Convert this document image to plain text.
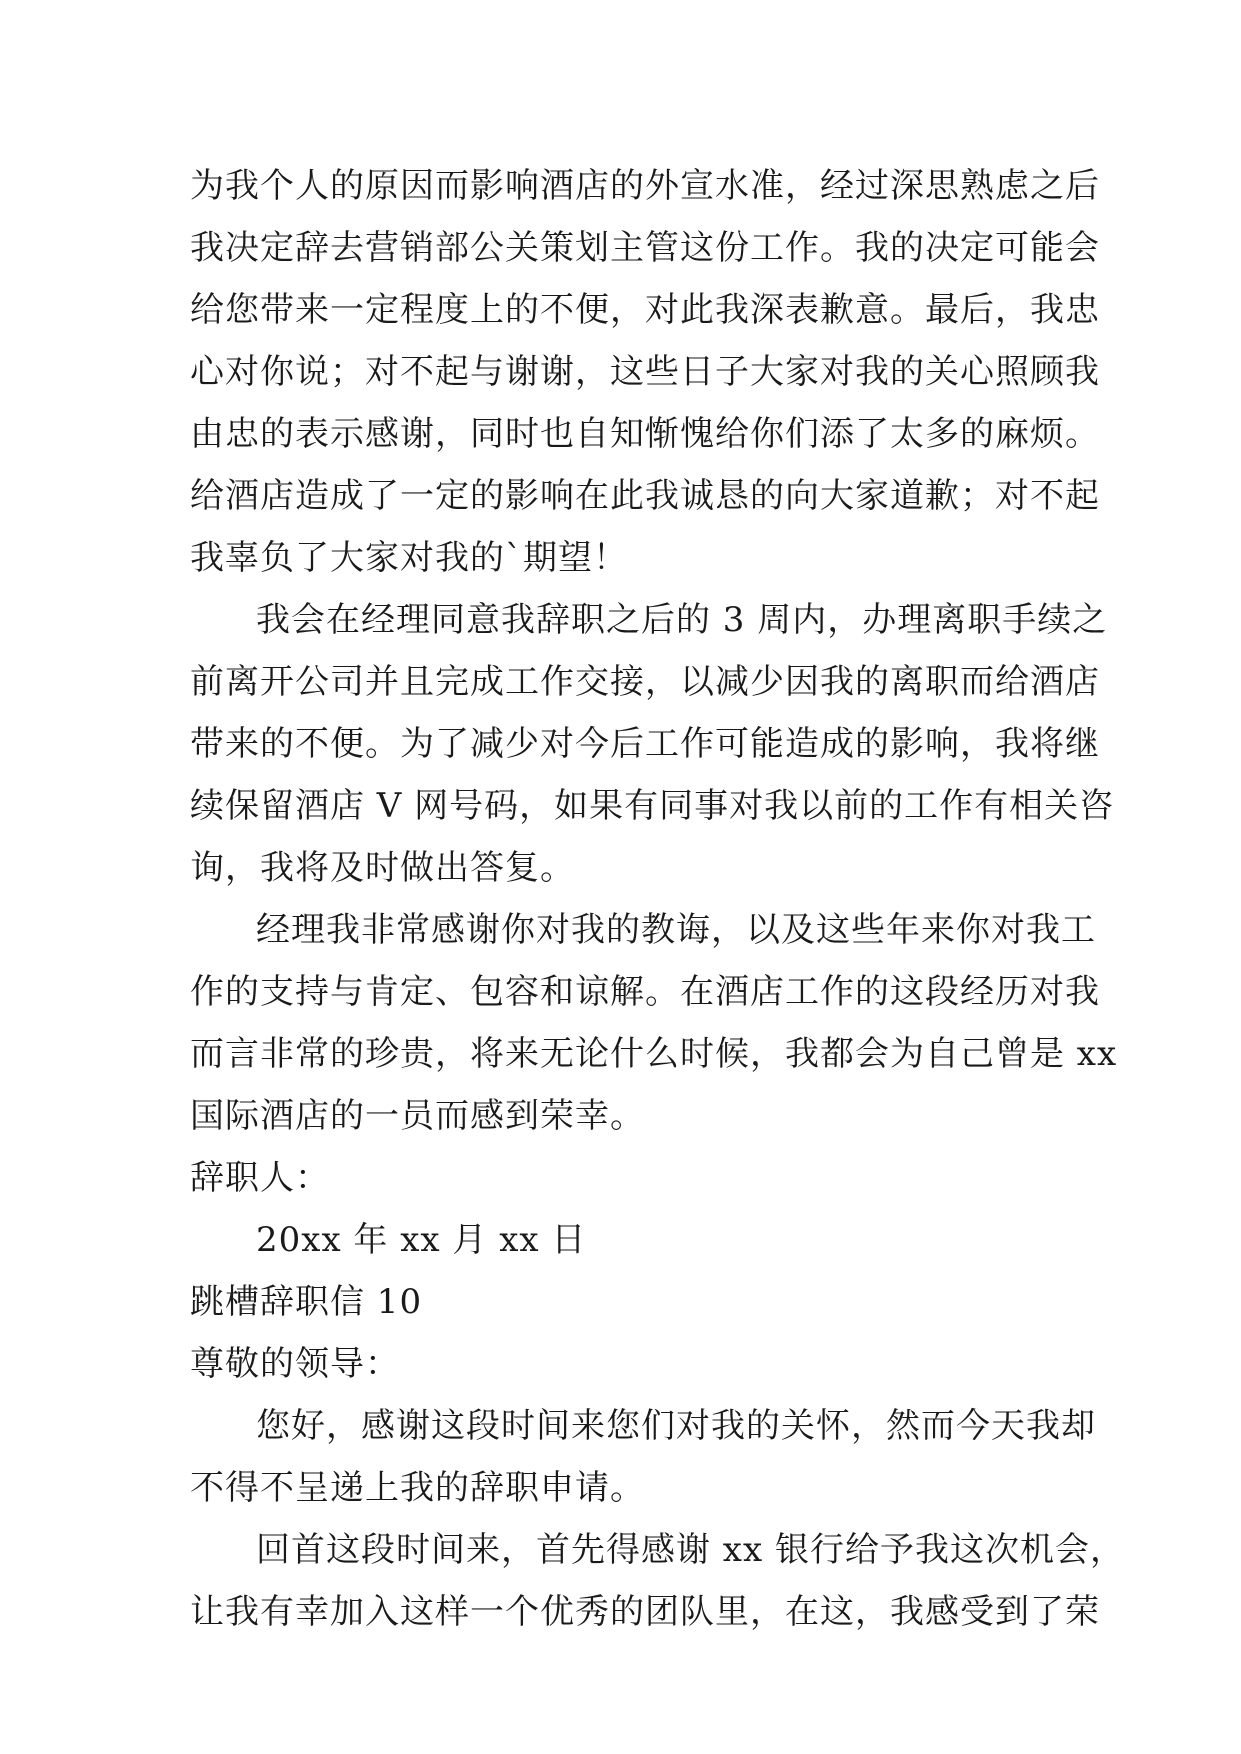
为我个人的原因而影响酒店的外宣水准，经过深思熟虑之后
我决定辞去营销部公关策划主管这份工作。我的决定可能会
给您带来一定程度上的不便，对此我深表歉意。最后，我忠
心对你说；对不起与谢谢，这些日子大家对我的关心照顾我
由忠的表示感谢，同时也自知惭愧给你们添了太多的麻烦。
给酒店造成了一定的影响在此我诚恳的向大家道歉；对不起
我辜负了大家对我的`期望！
我会在经理同意我辞职之后的 3 周内，办理离职手续之
前离开公司并且完成工作交接，以减少因我的离职而给酒店
带来的不便。为了减少对今后工作可能造成的影响，我将继
续保留酒店 V 网号码，如果有同事对我以前的工作有相关咨
询，我将及时做出答复。
经理我非常感谢你对我的教诲，以及这些年来你对我工
作的支持与肯定、包容和谅解。在酒店工作的这段经历对我
而言非常的珍贵，将来无论什么时候，我都会为自己曾是 xx
国际酒店的一员而感到荣幸。
辞职人：
20xx 年 xx 月 xx 日
跳槽辞职信 10
尊敬的领导：
您好，感谢这段时间来您们对我的关怀，然而今天我却
不得不呈递上我的辞职申请。
回首这段时间来，首先得感谢 xx 银行给予我这次机会，
让我有幸加入这样一个优秀的团队里，在这，我感受到了荣
